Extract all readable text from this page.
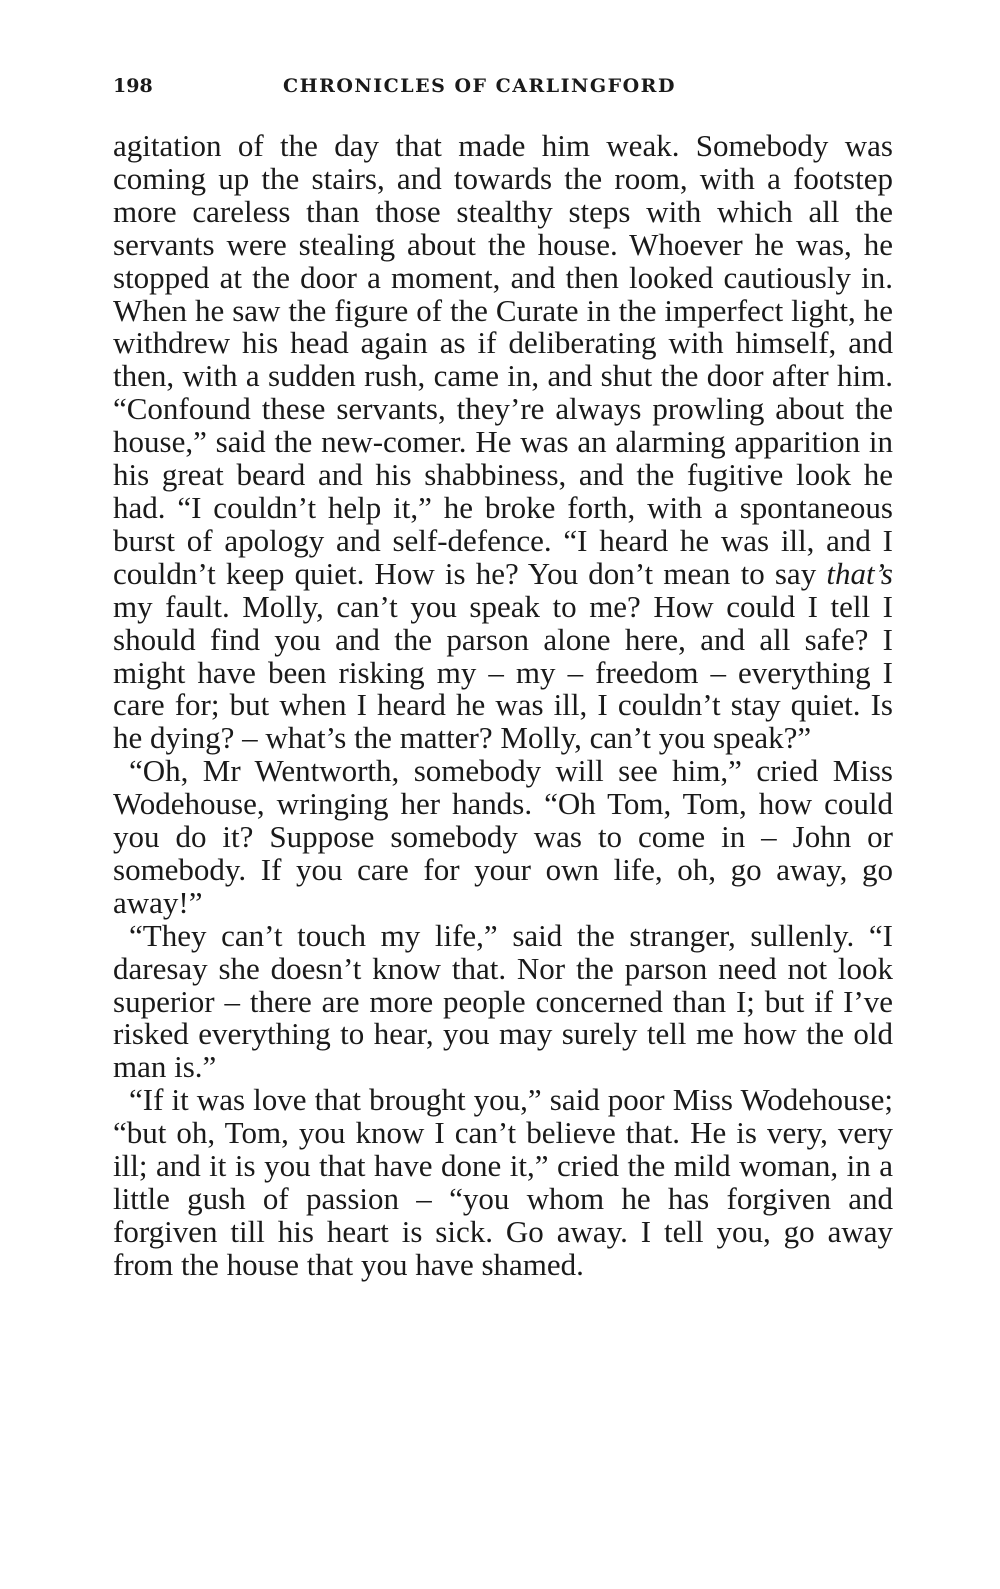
198	CHRONICLES OF CARLINGFORD

agitation of the day that made him weak. Somebody was coming up the stairs, and towards the room, with a footstep more careless than those stealthy steps with which all the servants were stealing about the house. Whoever he was, he stopped at the door a moment, and then looked cautiously in. When he saw the figure of the Curate in the imperfect light, he withdrew his head again as if deliberating with himself, and then, with a sudden rush, came in, and shut the door after him. “Confound these servants, they’re always prowling about the house,” said the new-comer. He was an alarming apparition in his great beard and his shabbiness, and the fugitive look he had. “I couldn’t help it,” he broke forth, with a spontaneous burst of apology and self-defence. “I heard he was ill, and I couldn’t keep quiet. How is he? You don’t mean to say that’s my fault. Molly, can’t you speak to me? How could I tell I should find you and the parson alone here, and all safe? I might have been risking my – my – freedom – everything I care for; but when I heard he was ill, I couldn’t stay quiet. Is he dying? – what’s the matter? Molly, can’t you speak?”

“Oh, Mr Wentworth, somebody will see him,” cried Miss Wodehouse, wringing her hands. “Oh Tom, Tom, how could you do it? Suppose somebody was to come in – John or somebody. If you care for your own life, oh, go away, go away!”

“They can’t touch my life,” said the stranger, sullenly. “I daresay she doesn’t know that. Nor the parson need not look superior – there are more people concerned than I; but if I’ve risked everything to hear, you may surely tell me how the old man is.”

“If it was love that brought you,” said poor Miss Wodehouse; “but oh, Tom, you know I can’t believe that. He is very, very ill; and it is you that have done it,” cried the mild woman, in a little gush of passion – “you whom he has forgiven and forgiven till his heart is sick. Go away. I tell you, go away from the house that you have shamed.
